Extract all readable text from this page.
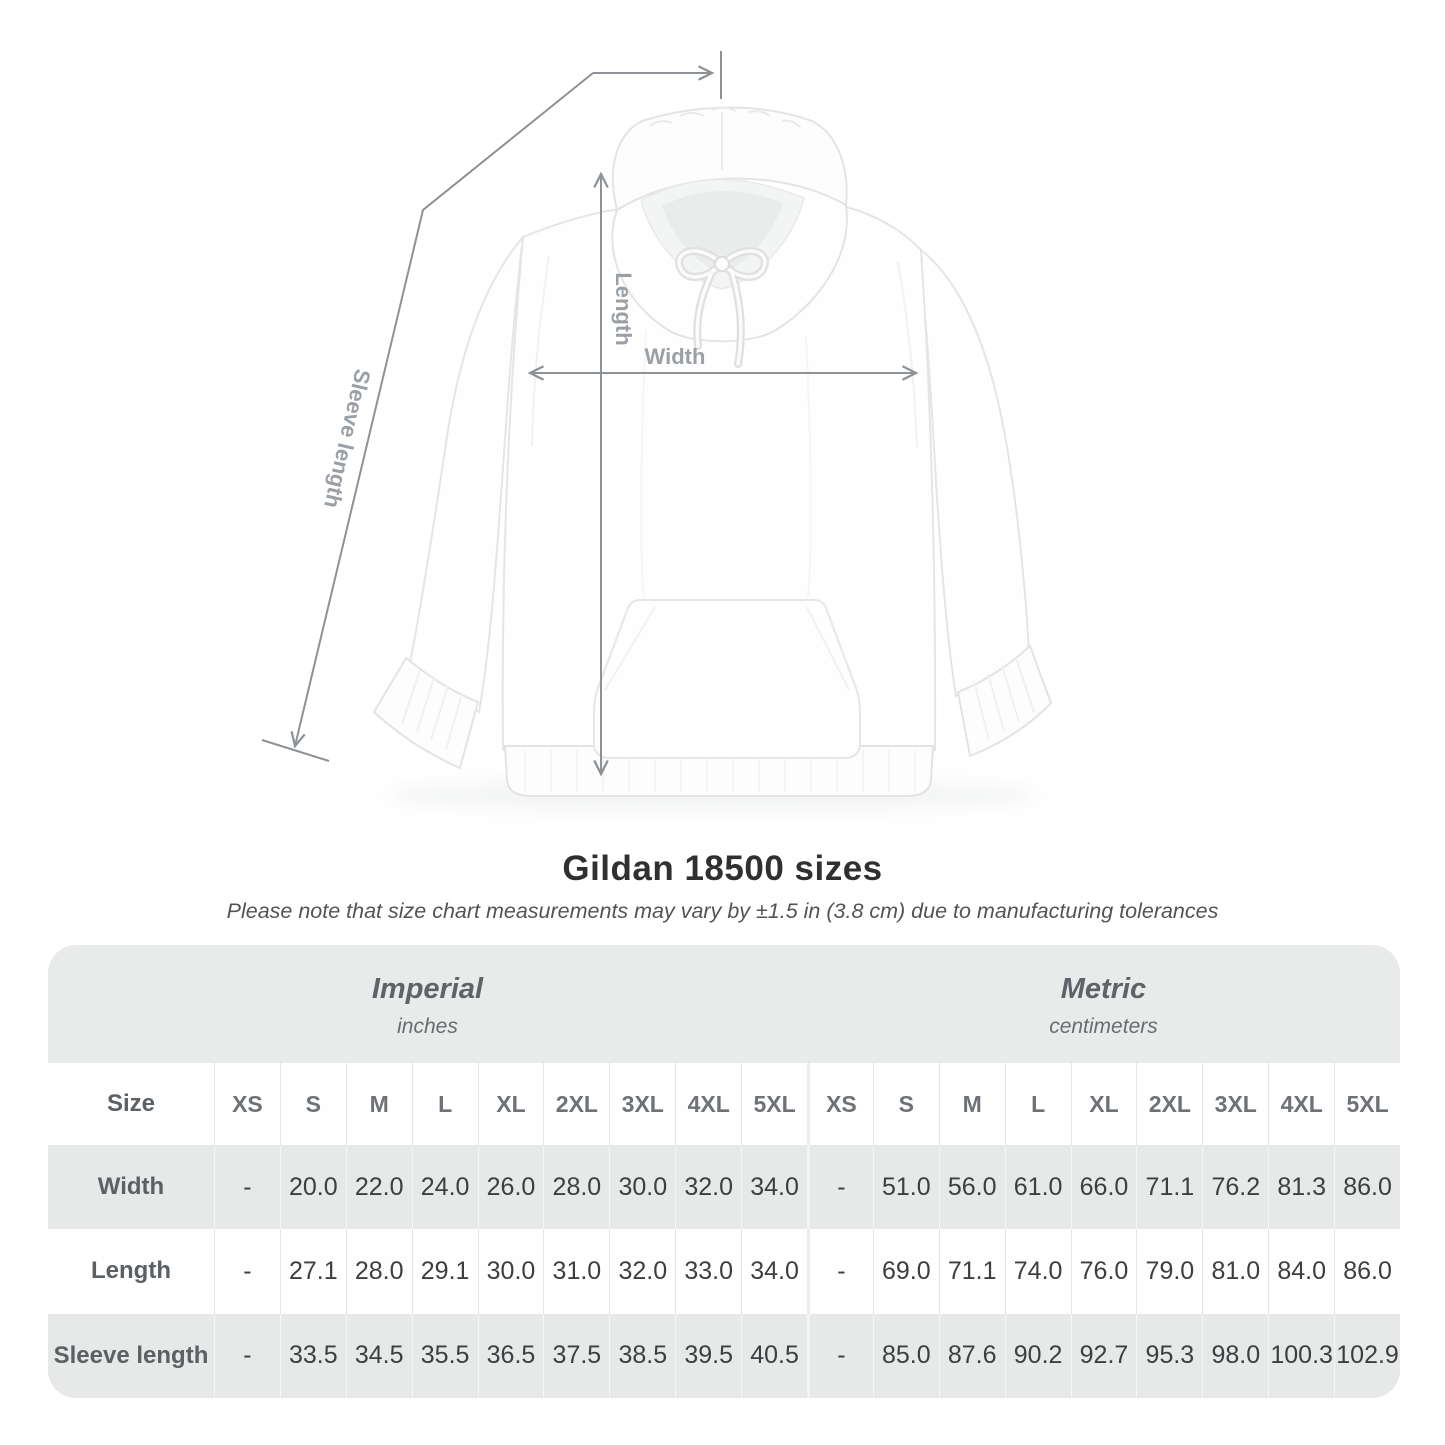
Width
Length
Sleeve length
Gildan 18500 sizes
Please note that size chart measurements may vary by ±1.5 in (3.8 cm) due to manufacturing tolerances
Imperial
inches
Metric
centimeters
Size	XS	S	M	L	XL	2XL	3XL	4XL	5XL	XS	S	M	L	XL	2XL	3XL	4XL	5XL
Width	-	20.0 22.0 24.0 26.0 28.0 30.0 32.0 34.0	-	51.0 56.0 61.0 66.0 71.1 76.2 81.3 86.0
Length	-	27.1 28.0 29.1 30.0 31.0 32.0 33.0 34.0	-	69.0 71.1 74.0 76.0 79.0 81.0 84.0 86.0
Sleeve length	-	33.5 34.5 35.5 36.5 37.5 38.5 39.5 40.5	-	85.0 87.6 90.2 92.7 95.3 98.0 100.3 102.9
